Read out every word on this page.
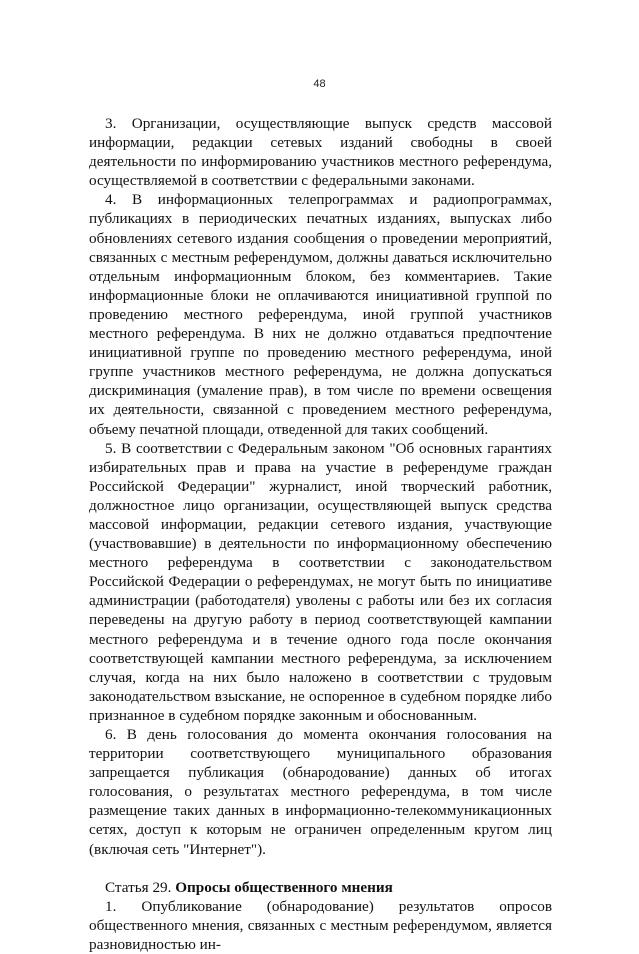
48

3. Организации, осуществляющие выпуск средств массовой информации, редакции сетевых изданий свободны в своей деятельности по информированию участников местного референдума, осуществляемой в соответствии с федеральными законами.

4. В информационных телепрограммах и радиопрограммах, публикациях в периодических печатных изданиях, выпусках либо обновлениях сетевого издания сообщения о проведении мероприятий, связанных с местным референдумом, должны даваться исключительно отдельным информационным блоком, без комментариев. Такие информационные блоки не оплачиваются инициативной группой по проведению местного референдума, иной группой участников местного референдума. В них не должно отдаваться предпочтение инициативной группе по проведению местного референдума, иной группе участников местного референдума, не должна допускаться дискриминация (умаление прав), в том числе по времени освещения их деятельности, связанной с проведением местного референдума, объему печатной площади, отведенной для таких сообщений.

5. В соответствии с Федеральным законом "Об основных гарантиях избирательных прав и права на участие в референдуме граждан Российской Федерации" журналист, иной творческий работник, должностное лицо организации, осуществляющей выпуск средства массовой информации, редакции сетевого издания, участвующие (участвовавшие) в деятельности по информационному обеспечению местного референдума в соответствии с законодательством Российской Федерации о референдумах, не могут быть по инициативе администрации (работодателя) уволены с работы или без их согласия переведены на другую работу в период соответствующей кампании местного референдума и в течение одного года после окончания соответствующей кампании местного референдума, за исключением случая, когда на них было наложено в соответствии с трудовым законодательством взыскание, не оспоренное в судебном порядке либо признанное в судебном порядке законным и обоснованным.

6. В день голосования до момента окончания голосования на территории соответствующего муниципального образования запрещается публикация (обнародование) данных об итогах голосования, о результатах местного референдума, в том числе размещение таких данных в информационно-телекоммуникационных сетях, доступ к которым не ограничен определенным кругом лиц (включая сеть "Интернет").

Статья 29. Опросы общественного мнения

1. Опубликование (обнародование) результатов опросов общественного мнения, связанных с местным референдумом, является разновидностью ин-
